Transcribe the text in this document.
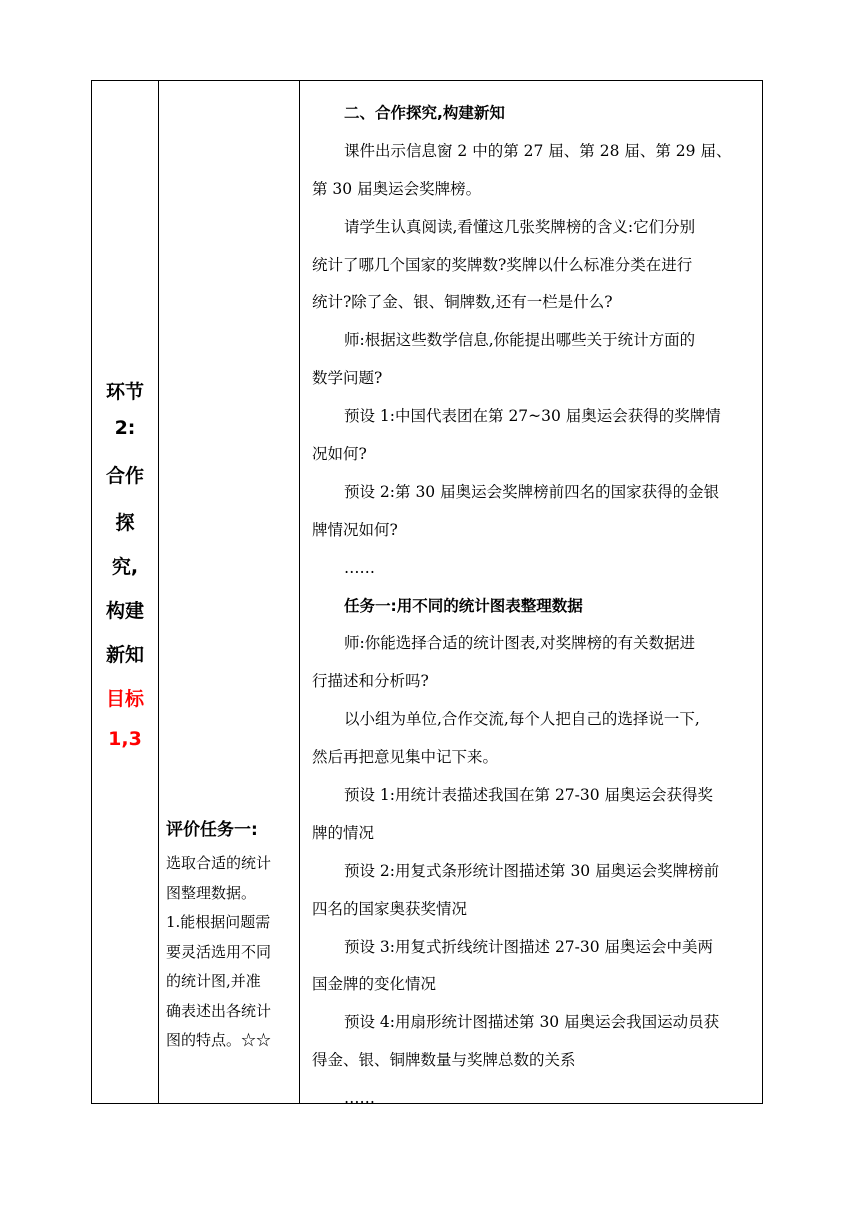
环节
2:
合作
探
究,
构建
新知
目标
1,3
评价任务一:
选取合适的统计
图整理数据。
1.能根据问题需
要灵活选用不同
的统计图,并准
确表述出各统计
图的特点。☆☆
二、合作探究,构建新知
课件出示信息窗 2 中的第 27 届、第 28 届、第 29 届、
第 30 届奥运会奖牌榜。
请学生认真阅读,看懂这几张奖牌榜的含义:它们分别
统计了哪几个国家的奖牌数?奖牌以什么标准分类在进行
统计?除了金、银、铜牌数,还有一栏是什么?
师:根据这些数学信息,你能提出哪些关于统计方面的
数学问题?
预设 1:中国代表团在第 27~30 届奥运会获得的奖牌情
况如何?
预设 2:第 30 届奥运会奖牌榜前四名的国家获得的金银
牌情况如何?
……
任务一:用不同的统计图表整理数据
师:你能选择合适的统计图表,对奖牌榜的有关数据进
行描述和分析吗?
以小组为单位,合作交流,每个人把自己的选择说一下,
然后再把意见集中记下来。
预设 1:用统计表描述我国在第 27-30 届奥运会获得奖
牌的情况
预设 2:用复式条形统计图描述第 30 届奥运会奖牌榜前
四名的国家奥获奖情况
预设 3:用复式折线统计图描述 27-30 届奥运会中美两
国金牌的变化情况
预设 4:用扇形统计图描述第 30 届奥运会我国运动员获
得金、银、铜牌数量与奖牌总数的关系
……
